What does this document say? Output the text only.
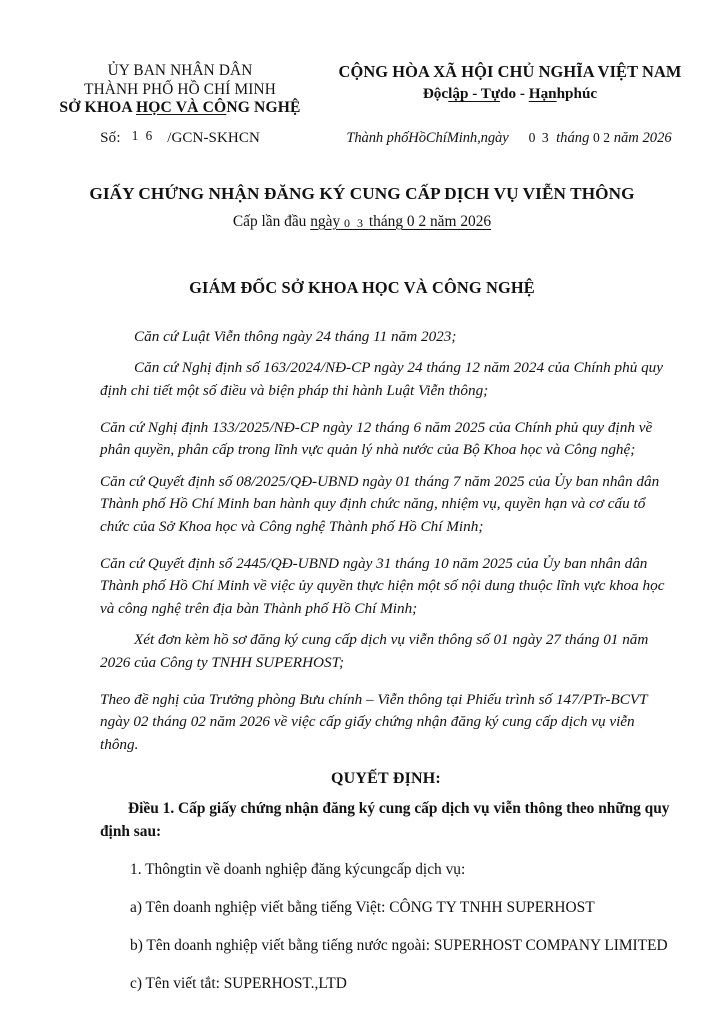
ỦY BAN NHÂN DÂN
THÀNH PHỐ HỒ CHÍ MINH
SỞ KHOA HỌC VÀ CÔNG NGHỆ
CỘNG HÒA XÃ HỘI CHỦ NGHĨA VIỆT NAM
Độclập - Tựdo - Hạnhphúc
Số: 1 6 /GCN-SKHCN	Thành phốHồChíMinh,ngày 0 3 tháng 0 2 năm 2026
GIẤY CHỨNG NHẬN ĐĂNG KÝ CUNG CẤP DỊCH VỤ VIỄN THÔNG
Cấp lần đầu ngày 0 3 tháng 0 2 năm 2026
GIÁM ĐỐC SỞ KHOA HỌC VÀ CÔNG NGHỆ

Căn cứ Luật Viễn thông ngày 24 tháng 11 năm 2023;

Căn cứ Nghị định số 163/2024/NĐ-CP ngày 24 tháng 12 năm 2024 của Chính phủ quy định chi tiết một số điều và biện pháp thi hành Luật Viễn thông;

Căn cứ Nghị định 133/2025/NĐ-CP ngày 12 tháng 6 năm 2025 của Chính phủ quy định về phân quyền, phân cấp trong lĩnh vực quản lý nhà nước của Bộ Khoa học và Công nghệ;

Căn cứ Quyết định số 08/2025/QĐ-UBND ngày 01 tháng 7 năm 2025 của Ủy ban nhân dân Thành phố Hồ Chí Minh ban hành quy định chức năng, nhiệm vụ, quyền hạn và cơ cấu tổ chức của Sở Khoa học và Công nghệ Thành phố Hồ Chí Minh;

Căn cứ Quyết định số 2445/QĐ-UBND ngày 31 tháng 10 năm 2025 của Ủy ban nhân dân Thành phố Hồ Chí Minh về việc ủy quyền thực hiện một số nội dung thuộc lĩnh vực khoa học và công nghệ trên địa bàn Thành phố Hồ Chí Minh;

Xét đơn kèm hồ sơ đăng ký cung cấp dịch vụ viễn thông số 01 ngày 27 tháng 01 năm 2026 của Công ty TNHH SUPERHOST;

Theo đề nghị của Trưởng phòng Bưu chính – Viễn thông tại Phiếu trình số 147/PTr-BCVT ngày 02 tháng 02 năm 2026 về việc cấp giấy chứng nhận đăng ký cung cấp dịch vụ viễn thông.

QUYẾT ĐỊNH:

Điều 1. Cấp giấy chứng nhận đăng ký cung cấp dịch vụ viễn thông theo những quy định sau:

1. Thôngtin về doanh nghiệp đăng kýcungcấp dịch vụ:

a) Tên doanh nghiệp viết bằng tiếng Việt: CÔNG TY TNHH SUPERHOST

b) Tên doanh nghiệp viết bằng tiếng nước ngoài: SUPERHOST COMPANY LIMITED

c) Tên viết tắt: SUPERHOST.,LTD
